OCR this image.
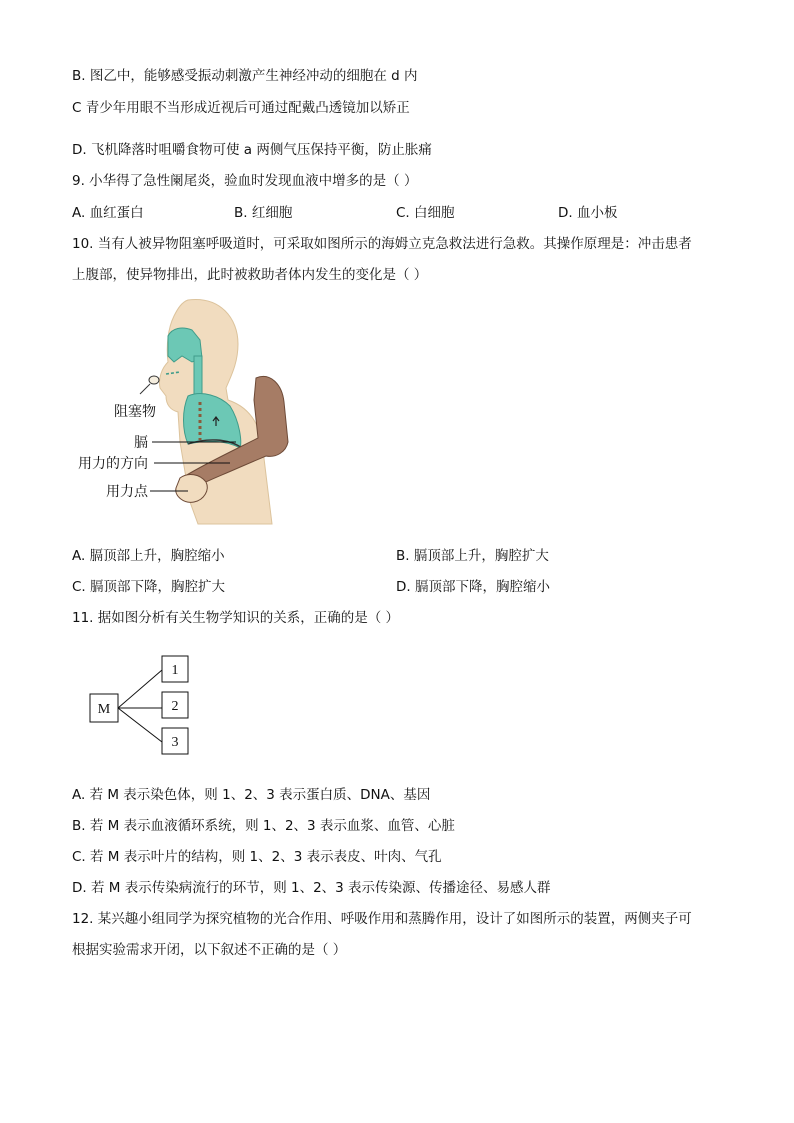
B. 图乙中，能够感受振动刺激产生神经冲动的细胞在 d 内
C 青少年用眼不当形成近视后可通过配戴凸透镜加以矫正
D. 飞机降落时咀嚼食物可使 a 两侧气压保持平衡，防止胀痛
9. 小华得了急性阑尾炎，验血时发现血液中增多的是（ ）
A. 血红蛋白	B. 红细胞	C. 白细胞	D. 血小板
10. 当有人被异物阻塞呼吸道时，可采取如图所示的海姆立克急救法进行急救。其操作原理是：冲击患者
上腹部，使异物排出，此时被救助者体内发生的变化是（ ）
阻塞物
膈
用力的方向
用力点
A. 膈顶部上升，胸腔缩小	B. 膈顶部上升，胸腔扩大
C. 膈顶部下降，胸腔扩大	D. 膈顶部下降，胸腔缩小
11. 据如图分析有关生物学知识的关系，正确的是（ ）
M
1
2
3
A. 若 M 表示染色体，则 1、2、3 表示蛋白质、DNA、基因
B. 若 M 表示血液循环系统，则 1、2、3 表示血浆、血管、心脏
C. 若 M 表示叶片的结构，则 1、2、3 表示表皮、叶肉、气孔
D. 若 M 表示传染病流行的环节，则 1、2、3 表示传染源、传播途径、易感人群
12. 某兴趣小组同学为探究植物的光合作用、呼吸作用和蒸腾作用，设计了如图所示的装置，两侧夹子可
根据实验需求开闭，以下叙述不正确的是（ ）
